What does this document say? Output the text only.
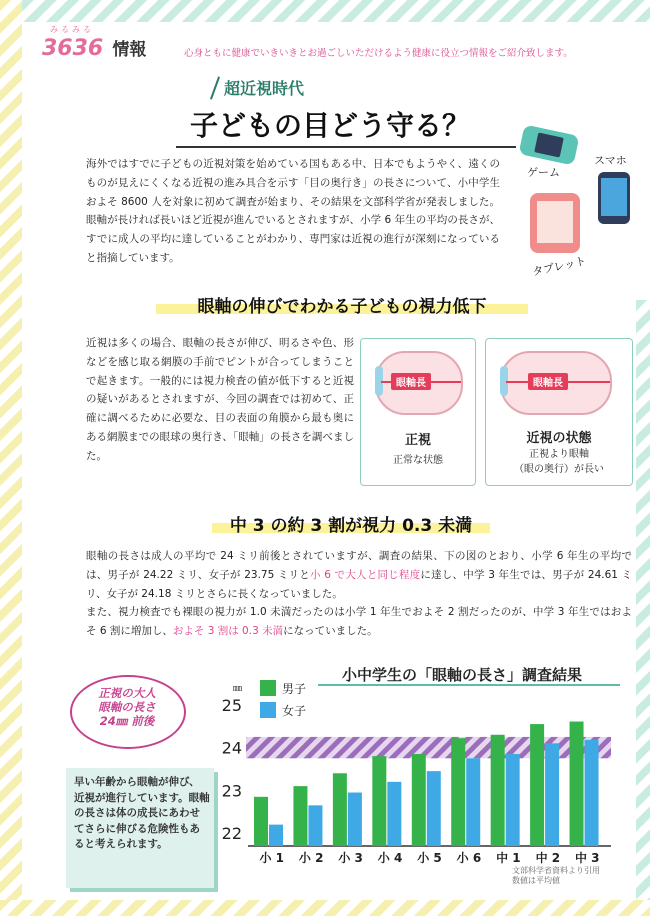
みるみる
3636 情報	心身ともに健康でいきいきとお過ごしいただけるよう健康に役立つ情報をご紹介致します。
超近視時代
子どもの目どう守る？
海外ではすでに子どもの近視対策を始めている国もある中、日本でもようやく、遠くのものが見えにくくなる近視の進み具合を示す「目の奥行き」の長さについて、小中学生およそ 8600 人を対象に初めて調査が始まり、その結果を文部科学省が発表しました。眼軸が長ければ長いほど近視が進んでいるとされますが、小学 6 年生の平均の長さが、すでに成人の平均に達していることがわかり、専門家は近視の進行が深刻になっていると指摘しています。
ゲーム
スマホ
タブレット
眼軸の伸びでわかる子どもの視力低下
近視は多くの場合、眼軸の長さが伸び、明るさや色、形などを感じ取る網膜の手前でピントが合ってしまうことで起きます。一般的には視力検査の値が低下すると近視の疑いがあるとされますが、今回の調査では初めて、正確に調べるために必要な、目の表面の角膜から最も奥にある網膜までの眼球の奥行き、「眼軸」の長さを調べました。
眼軸長
正視
正常な状態
眼軸長
近視の状態
正視より眼軸
（眼の奥行）が長い
中 3 の約 3 割が視力 0.3 未満
眼軸の長さは成人の平均で 24 ミリ前後とされていますが、調査の結果、下の図のとおり、小学 6 年生の平均では、男子が 24.22 ミリ、女子が 23.75 ミリと小 6 で大人と同じ程度に達し、中学 3 年生では、男子が 24.61 ミリ、女子が 24.18 ミリとさらに長くなっていました。
また、視力検査でも裸眼の視力が 1.0 未満だったのは小学 1 年生でおよそ 2 割だったのが、中学 3 年生ではおよそ 6 割に増加し、およそ 3 割は 0.3 未満になっていました。
小中学生の「眼軸の長さ」調査結果
正視の大人
眼軸の長さ
24㎜ 前後
早い年齢から眼軸が伸び、近視が進行しています。眼軸の長さは体の成長にあわせてさらに伸びる危険性もあると考えられます。
22
23
24
25
㎜
小 1 小 2 小 3 小 4 小 5 小 6 中 1 中 2 中 3
男子
女子
文部科学省資料より引用
数値は平均値
